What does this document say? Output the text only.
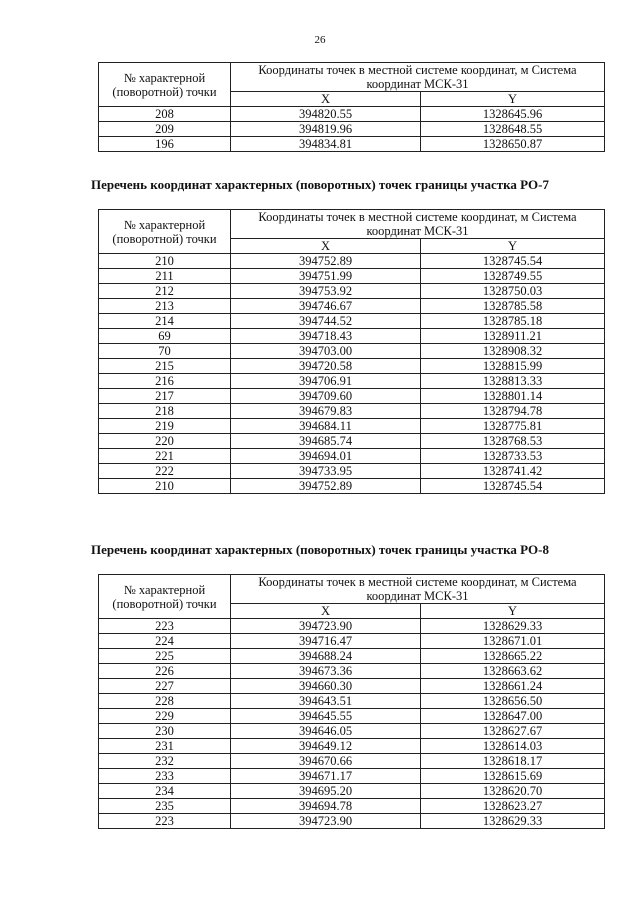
26
№ характерной (поворотной) точки	Координаты точек в местной системе координат, м Система координат МСК-31	
	X	Y
208	394820.55	1328645.96
209	394819.96	1328648.55
196	394834.81	1328650.87
Перечень координат характерных (поворотных) точек границы участка РО-7
№ характерной (поворотной) точки	Координаты точек в местной системе координат, м Система координат МСК-31	
	X	Y
210	394752.89	1328745.54
211	394751.99	1328749.55
212	394753.92	1328750.03
213	394746.67	1328785.58
214	394744.52	1328785.18
69	394718.43	1328911.21
70	394703.00	1328908.32
215	394720.58	1328815.99
216	394706.91	1328813.33
217	394709.60	1328801.14
218	394679.83	1328794.78
219	394684.11	1328775.81
220	394685.74	1328768.53
221	394694.01	1328733.53
222	394733.95	1328741.42
210	394752.89	1328745.54
Перечень координат характерных (поворотных) точек границы участка РО-8
№ характерной (поворотной) точки	Координаты точек в местной системе координат, м Система координат МСК-31	
	X	Y
223	394723.90	1328629.33
224	394716.47	1328671.01
225	394688.24	1328665.22
226	394673.36	1328663.62
227	394660.30	1328661.24
228	394643.51	1328656.50
229	394645.55	1328647.00
230	394646.05	1328627.67
231	394649.12	1328614.03
232	394670.66	1328618.17
233	394671.17	1328615.69
234	394695.20	1328620.70
235	394694.78	1328623.27
223	394723.90	1328629.33
